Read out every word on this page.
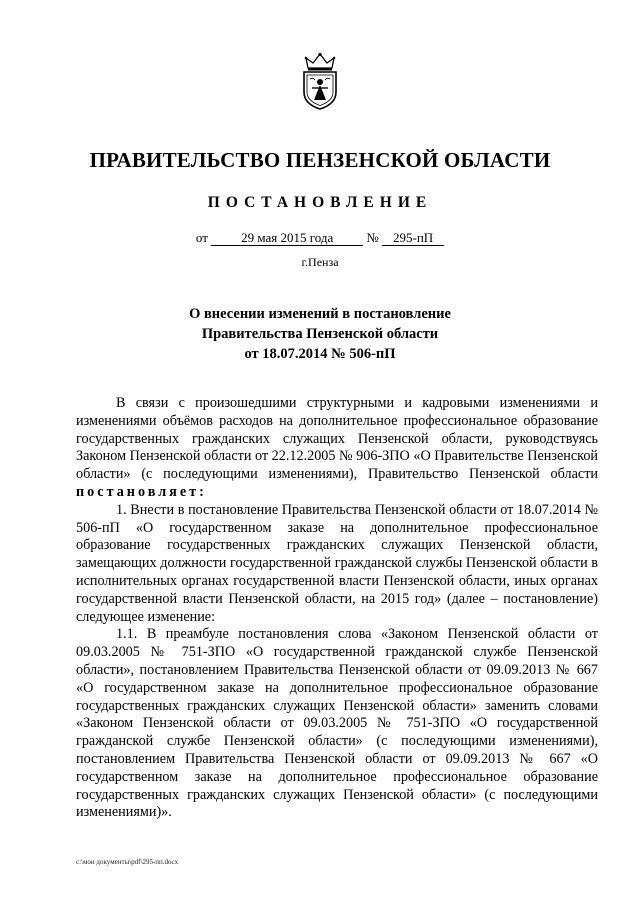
ПРАВИТЕЛЬСТВО ПЕНЗЕНСКОЙ ОБЛАСТИ
ПОСТАНОВЛЕНИЕ
от	29 мая 2015 года	№ 295-пП
г.Пенза
О внесении изменений в постановление
Правительства Пензенской области
от 18.07.2014 № 506-пП

В связи с произошедшими структурными и кадровыми изменениями и изменениями объёмов расходов на дополнительное профессиональное образование государственных гражданских служащих Пензенской области, руководствуясь Законом Пензенской области от 22.12.2005 № 906-ЗПО «О Правительстве Пензенской области» (с последующими изменениями), Правительство Пензенской области постановляет:

1. Внести в постановление Правительства Пензенской области от 18.07.2014 № 506-пП «О государственном заказе на дополнительное профессиональное образование государственных гражданских служащих Пензенской области, замещающих должности государственной гражданской службы Пензенской области в исполнительных органах государственной власти Пензенской области, иных органах государственной власти Пензенской области, на 2015 год» (далее – постановление) следующее изменение:

1.1. В преамбуле постановления слова «Законом Пензенской области от 09.03.2005 № 751-ЗПО «О государственной гражданской службе Пензенской области», постановлением Правительства Пензенской области от 09.09.2013 № 667 «О государственном заказе на дополнительное профессиональное образование государственных гражданских служащих Пензенской области» заменить словами «Законом Пензенской области от 09.03.2005 № 751-ЗПО «О государственной гражданской службе Пензенской области» (с последующими изменениями), постановлением Правительства Пензенской области от 09.09.2013 № 667 «О государственном заказе на дополнительное профессиональное образование государственных гражданских служащих Пензенской области» (с последующими изменениями)».

c:\мои документы\pdf\295-пп.docx
